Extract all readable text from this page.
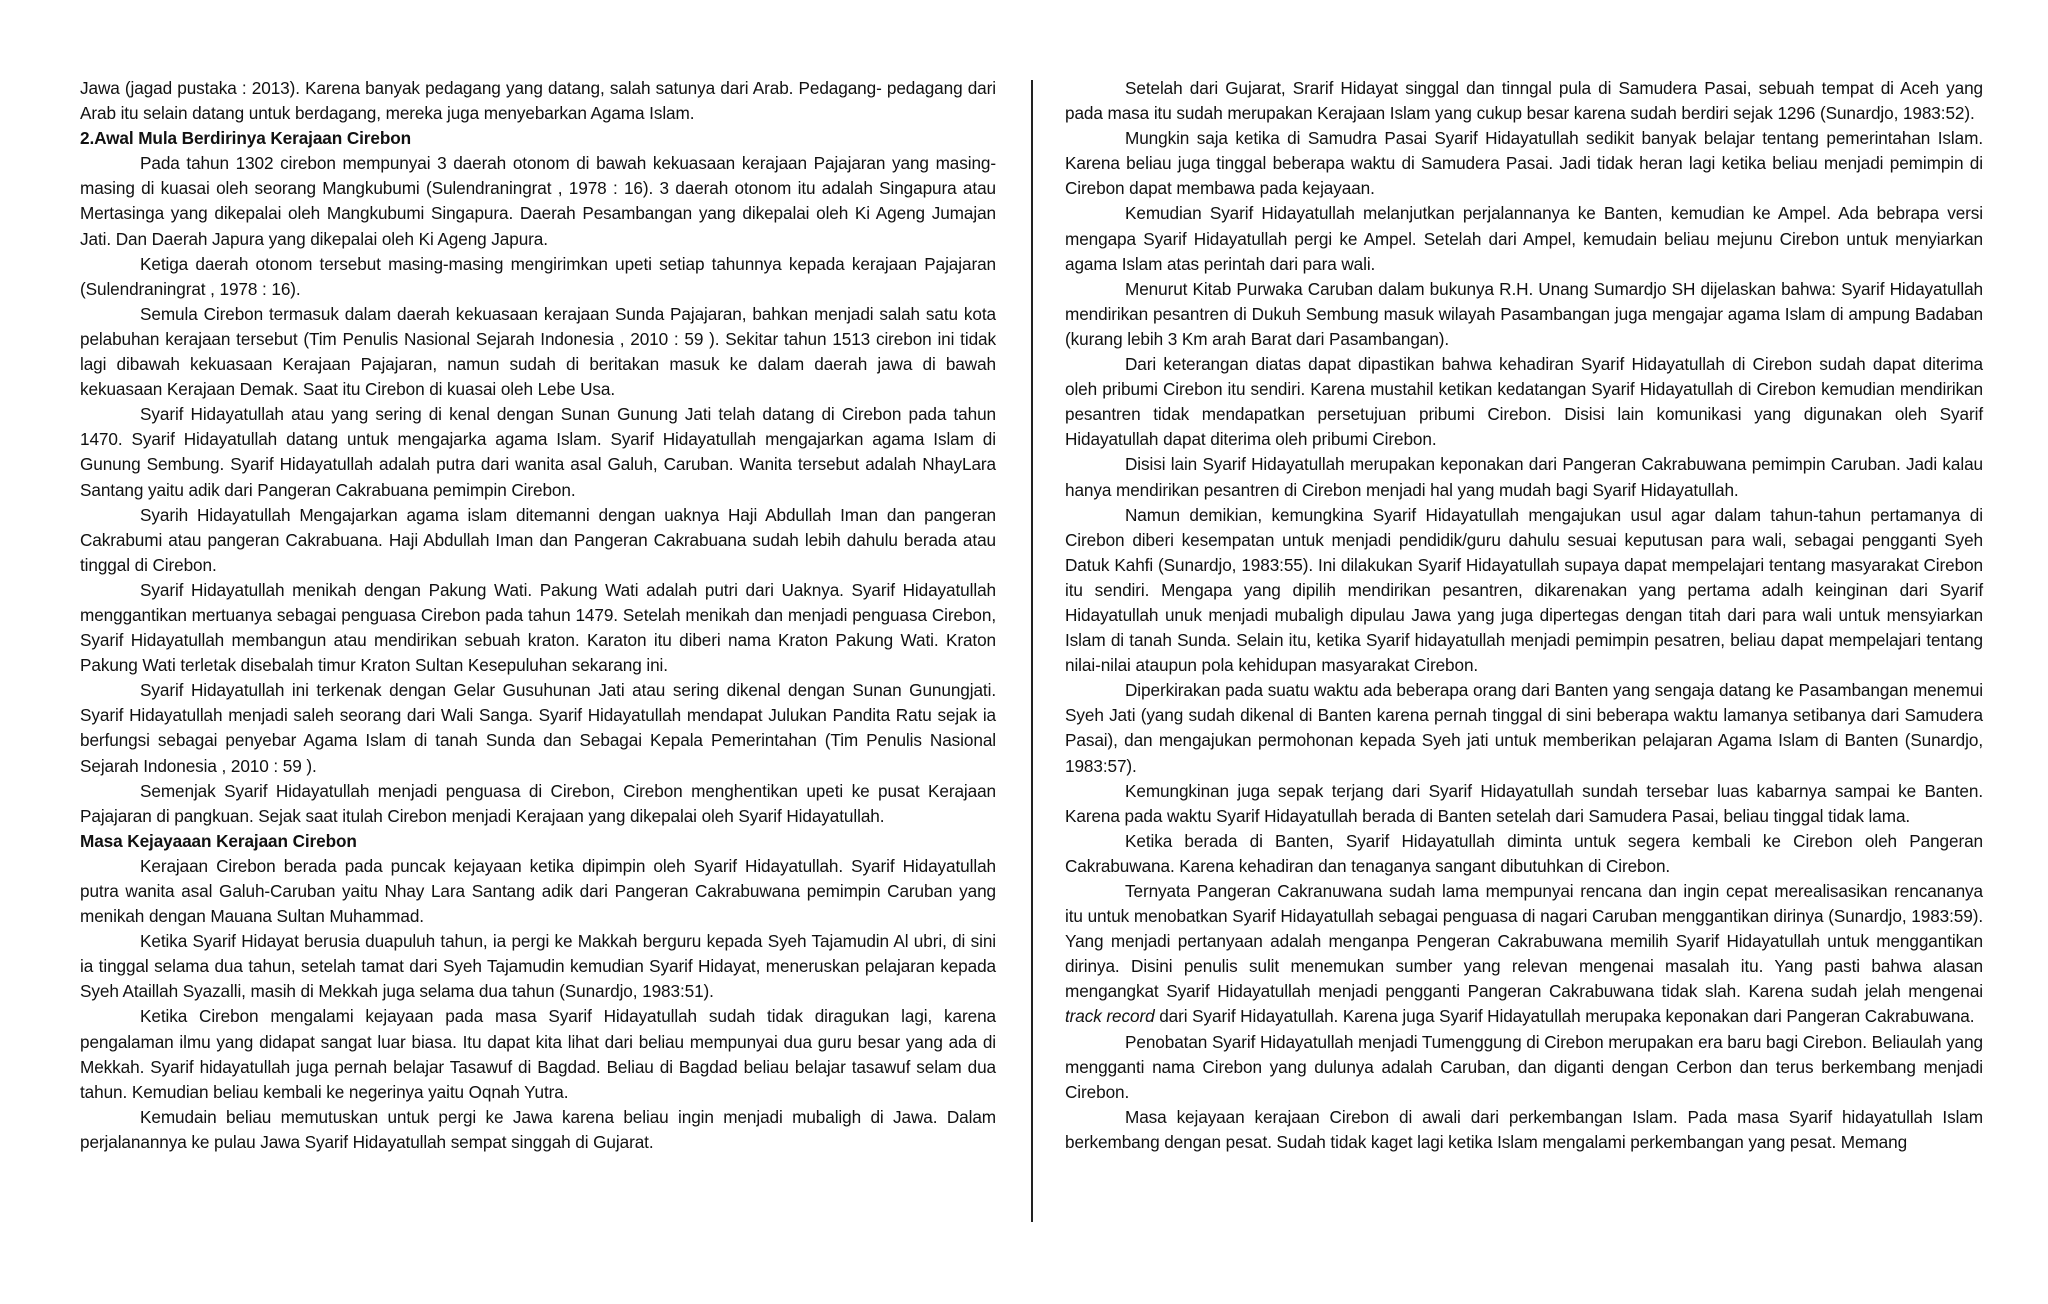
Jawa (jagad pustaka : 2013). Karena banyak pedagang yang datang, salah satunya dari Arab. Pedagang- pedagang dari Arab itu selain datang untuk berdagang, mereka juga menyebarkan Agama Islam.

2.Awal Mula Berdirinya Kerajaan Cirebon

Pada tahun 1302 cirebon mempunyai 3 daerah otonom di bawah kekuasaan kerajaan Pajajaran yang masing-masing di kuasai oleh seorang Mangkubumi (Sulendraningrat , 1978 : 16). 3 daerah otonom itu adalah Singapura atau Mertasinga yang dikepalai oleh Mangkubumi Singapura. Daerah Pesambangan yang dikepalai oleh Ki Ageng Jumajan Jati. Dan Daerah Japura yang dikepalai oleh Ki Ageng Japura.

Ketiga daerah otonom tersebut masing-masing mengirimkan upeti setiap tahunnya kepada kerajaan Pajajaran (Sulendraningrat , 1978 : 16).

Semula Cirebon termasuk dalam daerah kekuasaan kerajaan Sunda Pajajaran, bahkan menjadi salah satu kota pelabuhan kerajaan tersebut (Tim Penulis Nasional Sejarah Indonesia , 2010 : 59 ). Sekitar tahun 1513 cirebon ini tidak lagi dibawah kekuasaan Kerajaan Pajajaran, namun sudah di beritakan masuk ke dalam daerah jawa di bawah kekuasaan Kerajaan Demak. Saat itu Cirebon di kuasai oleh Lebe Usa.

Syarif Hidayatullah atau yang sering di kenal dengan Sunan Gunung Jati telah datang di Cirebon pada tahun 1470. Syarif Hidayatullah datang untuk mengajarka agama Islam. Syarif Hidayatullah mengajarkan agama Islam di Gunung Sembung. Syarif Hidayatullah adalah putra dari wanita asal Galuh, Caruban. Wanita tersebut adalah NhayLara Santang yaitu adik dari Pangeran Cakrabuana pemimpin Cirebon.

Syarih Hidayatullah Mengajarkan agama islam ditemanni dengan uaknya Haji Abdullah Iman dan pangeran Cakrabumi atau pangeran Cakrabuana. Haji Abdullah Iman dan Pangeran Cakrabuana sudah lebih dahulu berada atau tinggal di Cirebon.

Syarif Hidayatullah menikah dengan Pakung Wati. Pakung Wati adalah putri dari Uaknya. Syarif Hidayatullah menggantikan mertuanya sebagai penguasa Cirebon pada tahun 1479. Setelah menikah dan menjadi penguasa Cirebon, Syarif Hidayatullah membangun atau mendirikan sebuah kraton. Karaton itu diberi nama Kraton Pakung Wati. Kraton Pakung Wati terletak disebalah timur Kraton Sultan Kesepuluhan sekarang ini.

Syarif Hidayatullah ini terkenak dengan Gelar Gusuhunan Jati atau sering dikenal dengan Sunan Gunungjati. Syarif Hidayatullah menjadi saleh seorang dari Wali Sanga. Syarif Hidayatullah mendapat Julukan Pandita Ratu sejak ia berfungsi sebagai penyebar Agama Islam di tanah Sunda dan Sebagai Kepala Pemerintahan (Tim Penulis Nasional Sejarah Indonesia , 2010 : 59 ).

Semenjak Syarif Hidayatullah menjadi penguasa di Cirebon, Cirebon menghentikan upeti ke pusat Kerajaan Pajajaran di pangkuan. Sejak saat itulah Cirebon menjadi Kerajaan yang dikepalai oleh Syarif Hidayatullah.

Masa Kejayaaan Kerajaan Cirebon

Kerajaan Cirebon berada pada puncak kejayaan ketika dipimpin oleh Syarif Hidayatullah. Syarif Hidayatullah putra wanita asal Galuh-Caruban yaitu Nhay Lara Santang adik dari Pangeran Cakrabuwana pemimpin Caruban yang menikah dengan Mauana Sultan Muhammad.

Ketika Syarif Hidayat berusia duapuluh tahun, ia pergi ke Makkah berguru kepada Syeh Tajamudin Al ubri, di sini ia tinggal selama dua tahun, setelah tamat dari Syeh Tajamudin kemudian Syarif Hidayat, meneruskan pelajaran kepada Syeh Ataillah Syazalli, masih di Mekkah juga selama dua tahun (Sunardjo, 1983:51).

Ketika Cirebon mengalami kejayaan pada masa Syarif Hidayatullah sudah tidak diragukan lagi, karena pengalaman ilmu yang didapat sangat luar biasa. Itu dapat kita lihat dari beliau mempunyai dua guru besar yang ada di Mekkah. Syarif hidayatullah juga pernah belajar Tasawuf di Bagdad. Beliau di Bagdad beliau belajar tasawuf selam dua tahun. Kemudian beliau kembali ke negerinya yaitu Oqnah Yutra.

Kemudain beliau memutuskan untuk pergi ke Jawa karena beliau ingin menjadi mubaligh di Jawa. Dalam perjalanannya ke pulau Jawa Syarif Hidayatullah sempat singgah di Gujarat.

Setelah dari Gujarat, Srarif Hidayat singgal dan tinngal pula di Samudera Pasai, sebuah tempat di Aceh yang pada masa itu sudah merupakan Kerajaan Islam yang cukup besar karena sudah berdiri sejak 1296 (Sunardjo, 1983:52).

Mungkin saja ketika di Samudra Pasai Syarif Hidayatullah sedikit banyak belajar tentang pemerintahan Islam. Karena beliau juga tinggal beberapa waktu di Samudera Pasai. Jadi tidak heran lagi ketika beliau menjadi pemimpin di Cirebon dapat membawa pada kejayaan.

Kemudian Syarif Hidayatullah melanjutkan perjalannanya ke Banten, kemudian ke Ampel. Ada bebrapa versi mengapa Syarif Hidayatullah pergi ke Ampel. Setelah dari Ampel, kemudain beliau mejunu Cirebon untuk menyiarkan agama Islam atas perintah dari para wali.

Menurut Kitab Purwaka Caruban dalam bukunya R.H. Unang Sumardjo SH dijelaskan bahwa: Syarif Hidayatullah mendirikan pesantren di Dukuh Sembung masuk wilayah Pasambangan juga mengajar agama Islam di ampung Badaban (kurang lebih 3 Km arah Barat dari Pasambangan).

Dari keterangan diatas dapat dipastikan bahwa kehadiran Syarif Hidayatullah di Cirebon sudah dapat diterima oleh pribumi Cirebon itu sendiri. Karena mustahil ketikan kedatangan Syarif Hidayatullah di Cirebon kemudian mendirikan pesantren tidak mendapatkan persetujuan pribumi Cirebon. Disisi lain komunikasi yang digunakan oleh Syarif Hidayatullah dapat diterima oleh pribumi Cirebon.

Disisi lain Syarif Hidayatullah merupakan keponakan dari Pangeran Cakrabuwana pemimpin Caruban. Jadi kalau hanya mendirikan pesantren di Cirebon menjadi hal yang mudah bagi Syarif Hidayatullah.

Namun demikian, kemungkina Syarif Hidayatullah mengajukan usul agar dalam tahun-tahun pertamanya di Cirebon diberi kesempatan untuk menjadi pendidik/guru dahulu sesuai keputusan para wali, sebagai pengganti Syeh Datuk Kahfi (Sunardjo, 1983:55). Ini dilakukan Syarif Hidayatullah supaya dapat mempelajari tentang masyarakat Cirebon itu sendiri. Mengapa yang dipilih mendirikan pesantren, dikarenakan yang pertama adalh keinginan dari Syarif Hidayatullah unuk menjadi mubaligh dipulau Jawa yang juga dipertegas dengan titah dari para wali untuk mensyiarkan Islam di tanah Sunda. Selain itu, ketika Syarif hidayatullah menjadi pemimpin pesatren, beliau dapat mempelajari tentang nilai-nilai ataupun pola kehidupan masyarakat Cirebon.

Diperkirakan pada suatu waktu ada beberapa orang dari Banten yang sengaja datang ke Pasambangan menemui Syeh Jati (yang sudah dikenal di Banten karena pernah tinggal di sini beberapa waktu lamanya setibanya dari Samudera Pasai), dan mengajukan permohonan kepada Syeh jati untuk memberikan pelajaran Agama Islam di Banten (Sunardjo, 1983:57).

Kemungkinan juga sepak terjang dari Syarif Hidayatullah sundah tersebar luas kabarnya sampai ke Banten. Karena pada waktu Syarif Hidayatullah berada di Banten setelah dari Samudera Pasai, beliau tinggal tidak lama.

Ketika berada di Banten, Syarif Hidayatullah diminta untuk segera kembali ke Cirebon oleh Pangeran Cakrabuwana. Karena kehadiran dan tenaganya sangant dibutuhkan di Cirebon.

Ternyata Pangeran Cakranuwana sudah lama mempunyai rencana dan ingin cepat merealisasikan rencananya itu untuk menobatkan Syarif Hidayatullah sebagai penguasa di nagari Caruban menggantikan dirinya (Sunardjo, 1983:59). Yang menjadi pertanyaan adalah menganpa Pengeran Cakrabuwana memilih Syarif Hidayatullah untuk menggantikan dirinya. Disini penulis sulit menemukan sumber yang relevan mengenai masalah itu. Yang pasti bahwa alasan mengangkat Syarif Hidayatullah menjadi pengganti Pangeran Cakrabuwana tidak slah. Karena sudah jelah mengenai track record dari Syarif Hidayatullah. Karena juga Syarif Hidayatullah merupaka keponakan dari Pangeran Cakrabuwana.

Penobatan Syarif Hidayatullah menjadi Tumenggung di Cirebon merupakan era baru bagi Cirebon. Beliaulah yang mengganti nama Cirebon yang dulunya adalah Caruban, dan diganti dengan Cerbon dan terus berkembang menjadi Cirebon.

Masa kejayaan kerajaan Cirebon di awali dari perkembangan Islam. Pada masa Syarif hidayatullah Islam berkembang dengan pesat. Sudah tidak kaget lagi ketika Islam mengalami perkembangan yang pesat. Memang
